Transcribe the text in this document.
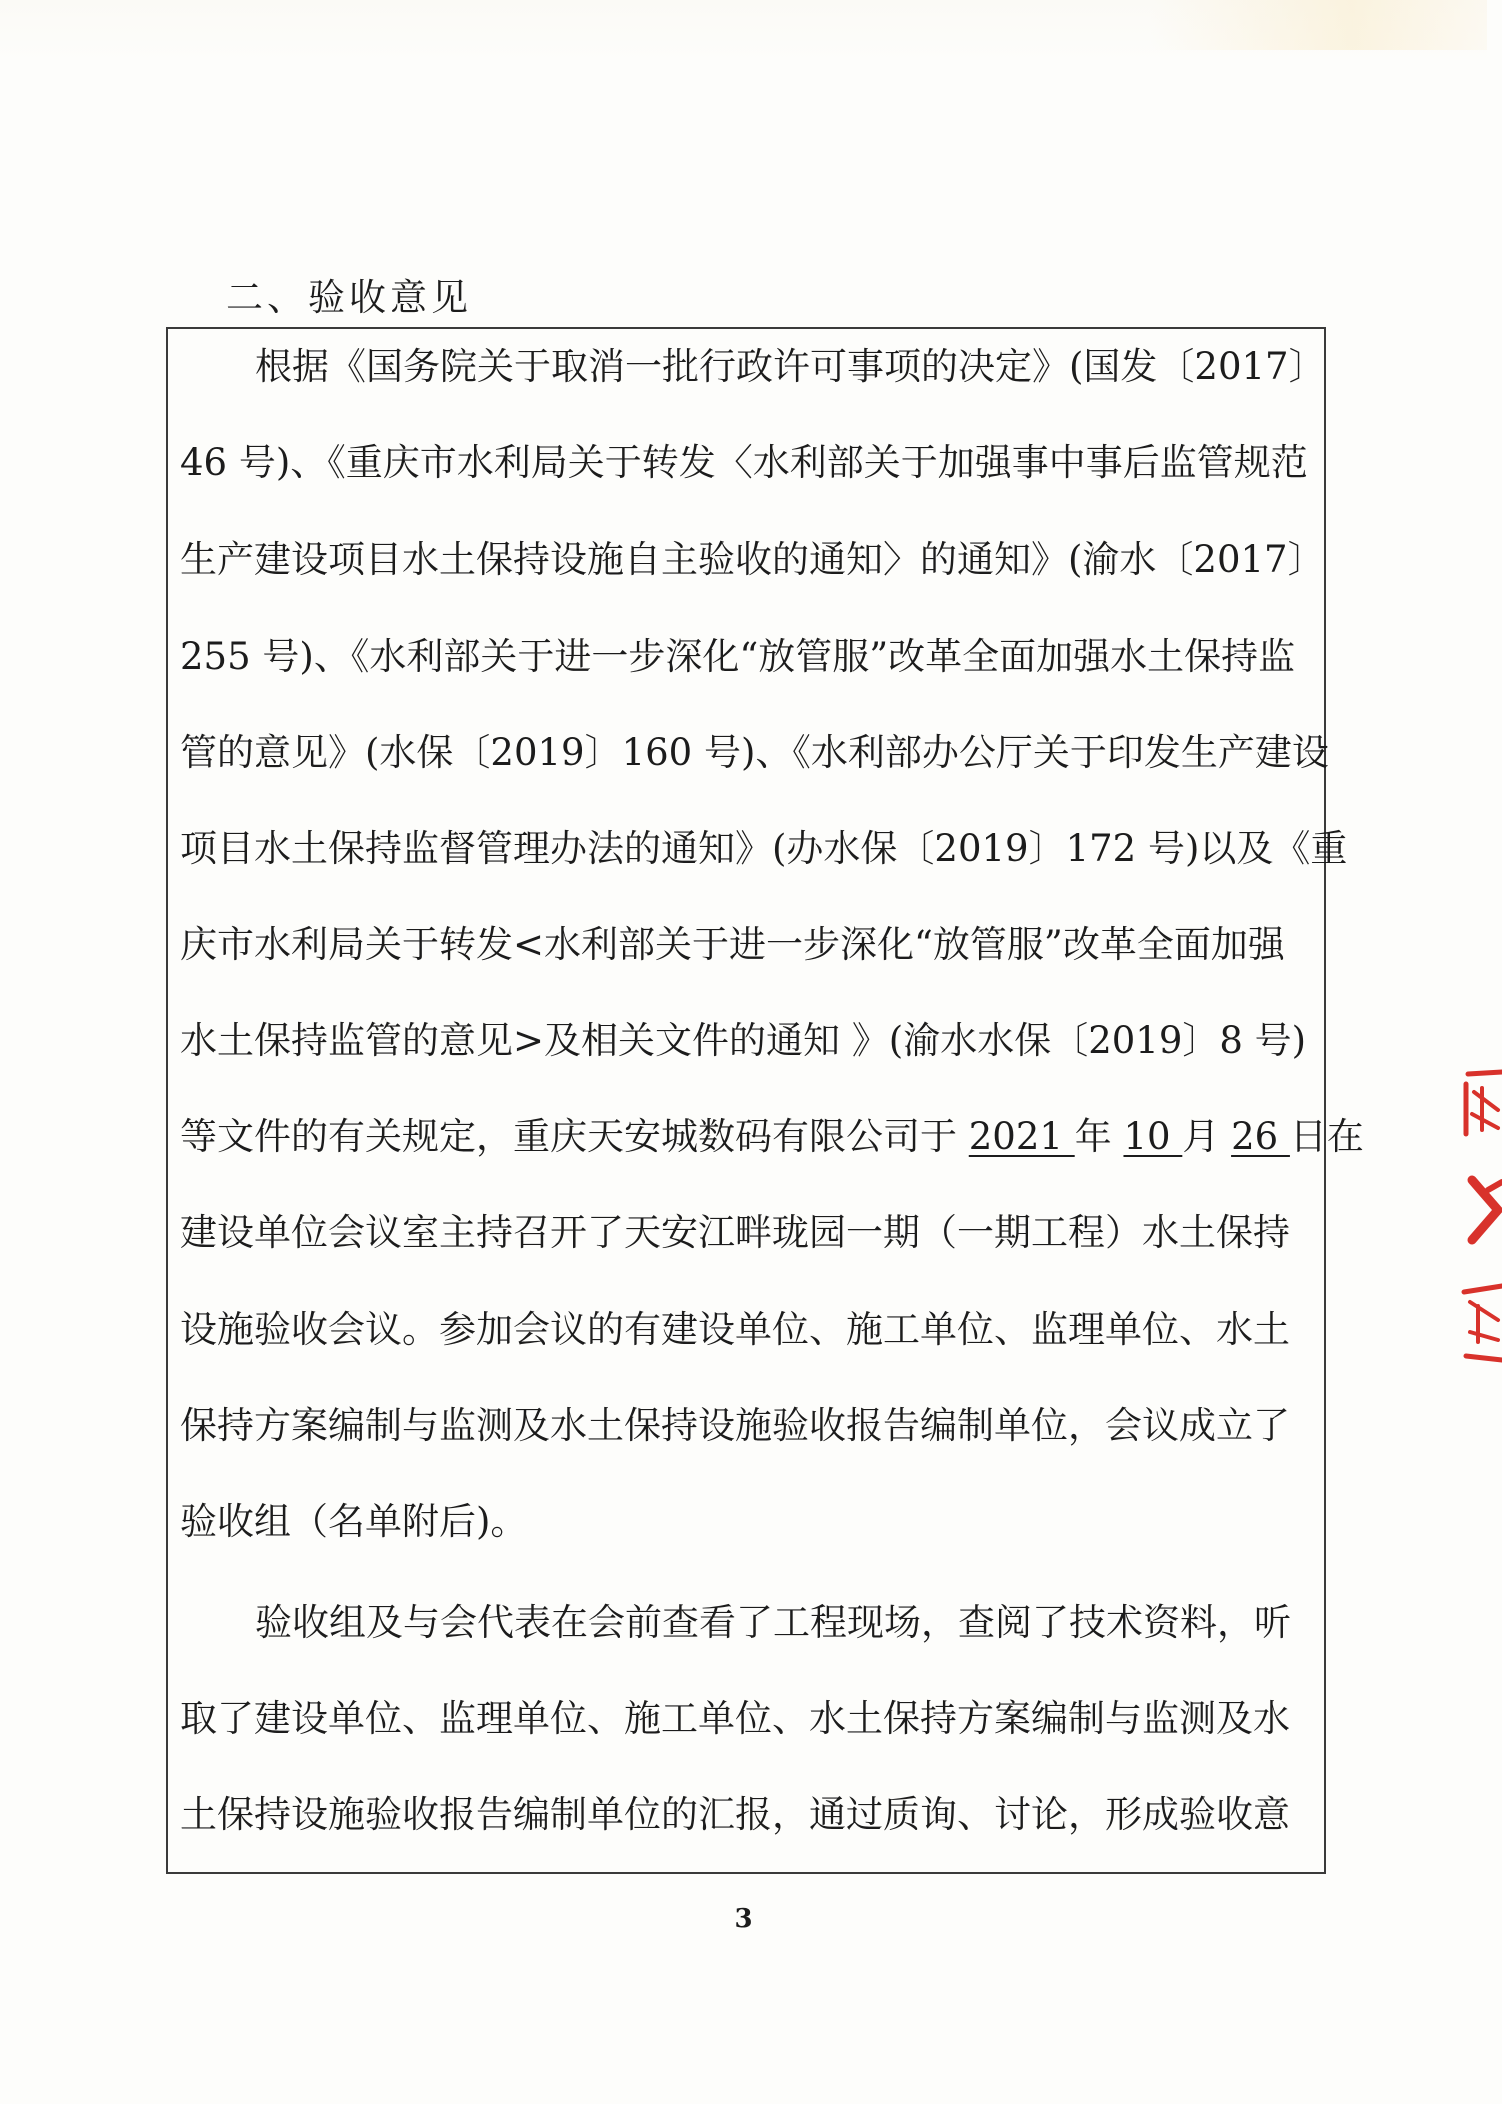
二、验收意见
根据《国务院关于取消一批行政许可事项的决定》(国发〔2017〕
46 号)、《重庆市水利局关于转发〈水利部关于加强事中事后监管规范
生产建设项目水土保持设施自主验收的通知〉的通知》(渝水〔2017〕
255 号)、《水利部关于进一步深化“放管服”改革全面加强水土保持监
管的意见》(水保〔2019〕160 号)、《水利部办公厅关于印发生产建设
项目水土保持监督管理办法的通知》(办水保〔2019〕172 号)以及《重
庆市水利局关于转发<水利部关于进一步深化“放管服”改革全面加强
水土保持监管的意见>及相关文件的通知 》(渝水水保〔2019〕8 号)
等文件的有关规定，重庆天安城数码有限公司于 2021 年 10 月 26 日在
建设单位会议室主持召开了天安江畔珑园一期（一期工程）水土保持
设施验收会议。参加会议的有建设单位、施工单位、监理单位、水土
保持方案编制与监测及水土保持设施验收报告编制单位，会议成立了
验收组（名单附后)。
验收组及与会代表在会前查看了工程现场，查阅了技术资料，听
取了建设单位、监理单位、施工单位、水土保持方案编制与监测及水
土保持设施验收报告编制单位的汇报，通过质询、讨论，形成验收意
3
